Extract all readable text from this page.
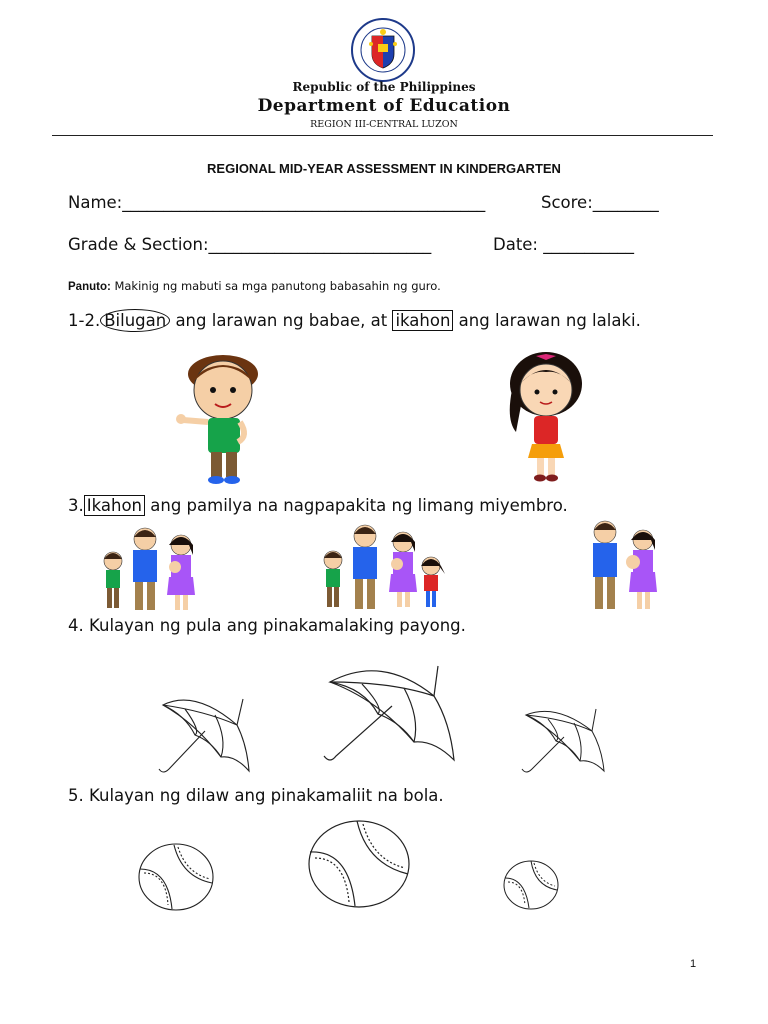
Republic of the Philippines
Department of Education
REGION III-CENTRAL LUZON
REGIONAL MID-YEAR ASSESSMENT IN KINDERGARTEN
Name:____________________________________________	Score:________
Grade & Section:___________________________	Date: ___________
Panuto: Makinig ng mabuti sa mga panutong babasahin ng guro.
1-2. Bilugan ang larawan ng babae, at ikahon ang larawan ng lalaki.
3. Ikahon ang pamilya na nagpapakita ng limang miyembro.
4. Kulayan ng pula ang pinakamalaking payong.
5. Kulayan ng dilaw ang pinakamaliit na bola.
1
